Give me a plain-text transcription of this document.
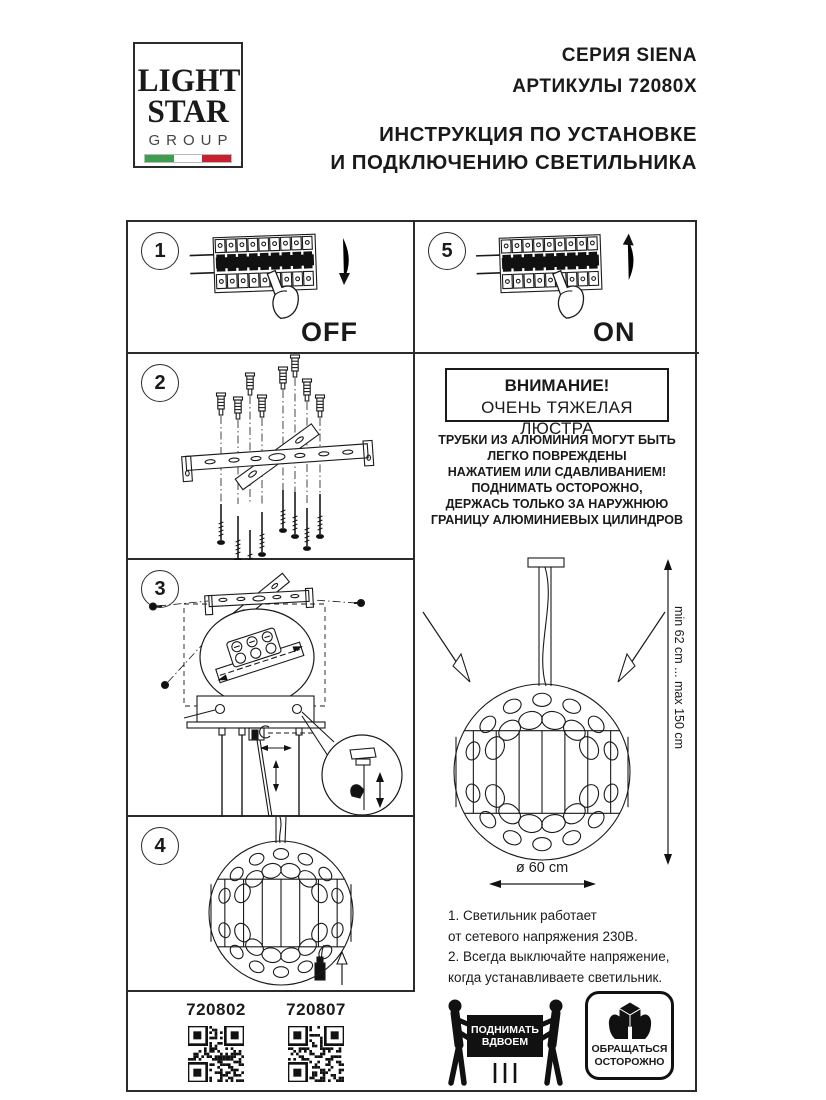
LIGHT
STAR
GROUP
СЕРИЯ SIENA
АРТИКУЛЫ 72080X
ИНСТРУКЦИЯ ПО УСТАНОВКЕ
И ПОДКЛЮЧЕНИЮ СВЕТИЛЬНИКА
1
OFF
5
ON
2
3
4
720802	720807
ВНИМАНИЕ!
ОЧЕНЬ ТЯЖЕЛАЯ ЛЮСТРА
ТРУБКИ ИЗ АЛЮМИНИЯ МОГУТ БЫТЬ
ЛЕГКО ПОВРЕЖДЕНЫ
НАЖАТИЕМ ИЛИ СДАВЛИВАНИЕМ!
ПОДНИМАТЬ ОСТОРОЖНО,
ДЕРЖАСЬ ТОЛЬКО ЗА НАРУЖНЮЮ
ГРАНИЦУ АЛЮМИНИЕВЫХ ЦИЛИНДРОВ
min 62 cm ... max 150 cm
ø 60 cm
1. Светильник работает
от сетевого напряжения 230В.
2. Всегда выключайте напряжение,
когда устанавливаете светильник.
ПОДНИМАТЬ
ВДВОЕМ
ОБРАЩАТЬСЯ
ОСТОРОЖНО
